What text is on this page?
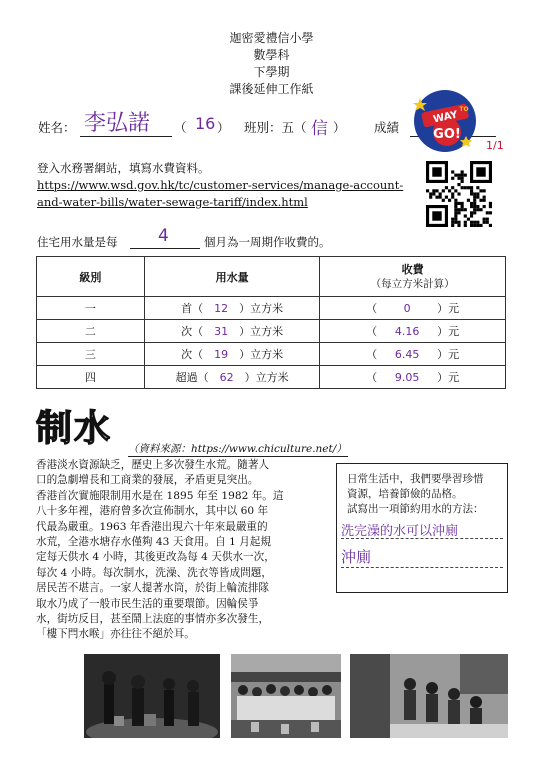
迦密愛禮信小學
數學科
下學期
課後延伸工作紙
姓名： 李弘諾 （ 16 ） 班別：五（ 信 ） 成績
1/1
WAY
TO
GO!
登入水務署網站，填寫水費資料。
https://www.wsd.gov.hk/tc/customer-services/manage-account-
and-water-bills/water-sewage-tariff/index.html
住宅用水量是每 4	個月為一周期作收費的。
級別	用水量	收費
（每立方米計算）

一	首（ 12 ）立方米	（ 0 ）元
二	次（ 31 ）立方米	（ 4.16 ）元
三	次（ 19 ）立方米	（ 6.45 ）元
四	超過（ 62 ）立方米	（ 9.05 ）元
制水 （資料來源：https://www.chiculture.net/）
香港淡水資源缺乏，歷史上多次發生水荒。隨著人
口的急劇增長和工商業的發展，矛盾更見突出。
香港首次實施限制用水是在 1895 年至 1982 年。這
八十多年裡，港府曾多次宣佈制水，其中以 60 年
代最為嚴重。1963 年香港出現六十年來最嚴重的
水荒，全港水塘存水僅夠 43 天食用。自 1 月起規
定每天供水 4 小時，其後更改為每 4 天供水一次，
每次 4 小時。每次制水，洗澡、洗衣等皆成問題，
居民苦不堪言。一家人提著水筒，於街上輪流排隊
取水乃成了一般市民生活的重要環節。因輪侯爭
水，街坊反目，甚至鬧上法庭的事情亦多次發生，
「樓下閂水喉」亦往往不絕於耳。
日常生活中，我們要學習珍惜
資源，培養節儉的品格。
試寫出一項節約用水的方法：
洗完澡的水可以沖廁
沖廁
